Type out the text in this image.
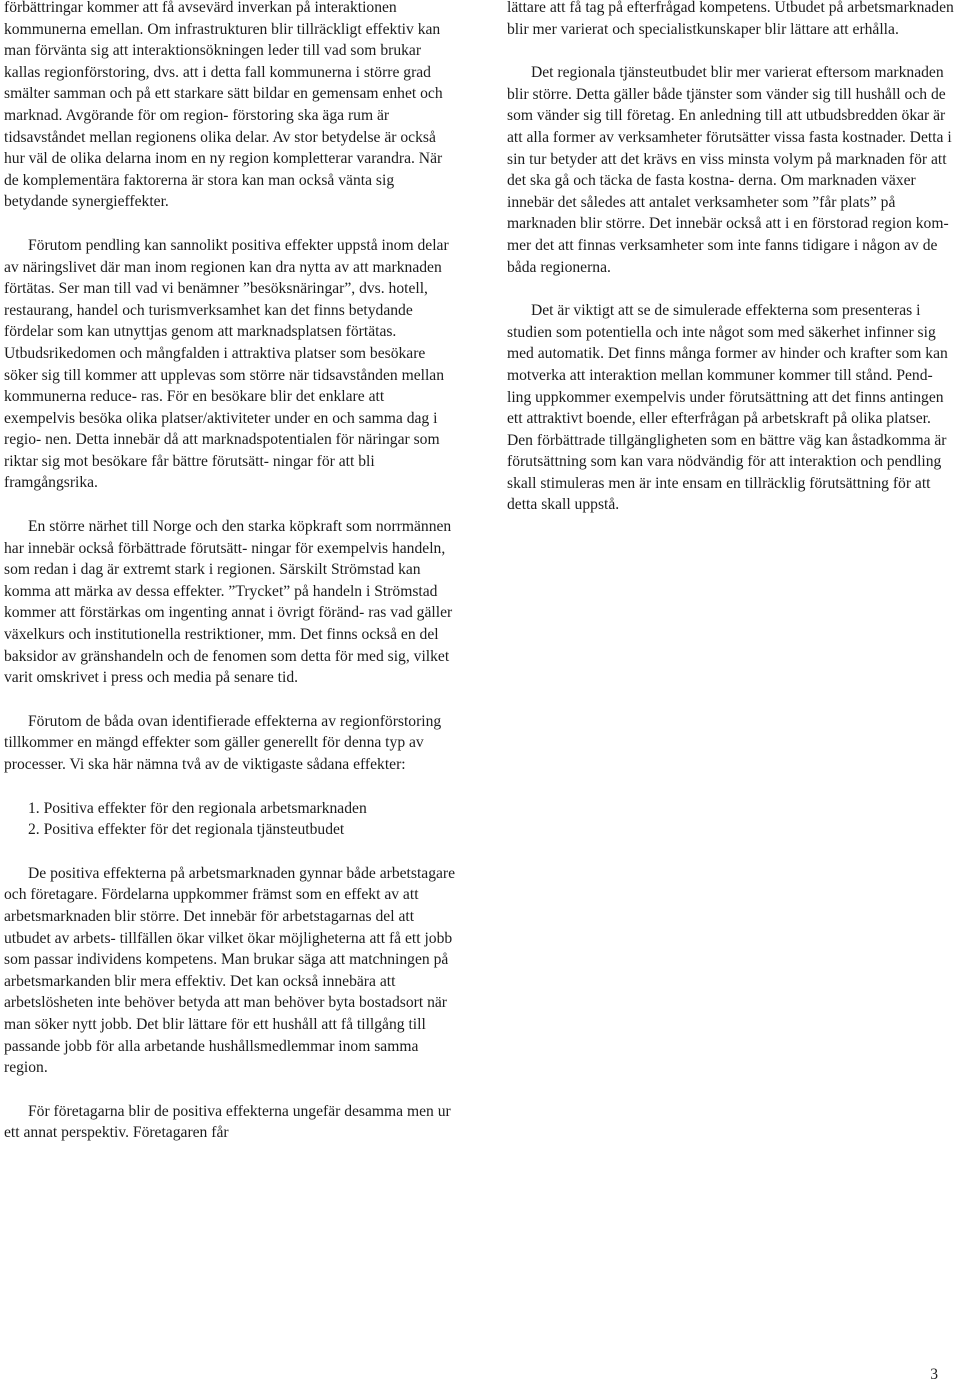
förbättringar kommer att få avsevärd inverkan på interaktionen kommunerna emellan. Om infrastrukturen blir tillräckligt effektiv kan man förvänta sig att interaktionsökningen leder till vad som brukar kallas regionförstoring, dvs. att i detta fall kommunerna i större grad smälter samman och på ett starkare sätt bildar en gemensam enhet och marknad. Avgörande för om region- förstoring ska äga rum är tidsavståndet mellan regionens olika delar. Av stor betydelse är också hur väl de olika delarna inom en ny region kompletterar varandra. När de komplementära faktorerna är stora kan man också vänta sig betydande synergieffekter.

Förutom pendling kan sannolikt positiva effekter uppstå inom delar av näringslivet där man inom regionen kan dra nytta av att marknaden förtätas. Ser man till vad vi benämner ”besöksnäringar”, dvs. hotell, restaurang, handel och turismverksamhet kan det finns betydande fördelar som kan utnyttjas genom att marknadsplatsen förtätas. Utbudsrikedomen och mångfalden i attraktiva platser som besökare söker sig till kommer att upplevas som större när tidsavstånden mellan kommunerna reduce- ras. För en besökare blir det enklare att exempelvis besöka olika platser/aktiviteter under en och samma dag i regio- nen. Detta innebär då att marknadspotentialen för näringar som riktar sig mot besökare får bättre förutsätt- ningar för att bli framgångsrika.

En större närhet till Norge och den starka köpkraft som norrmännen har innebär också förbättrade förutsätt- ningar för exempelvis handeln, som redan i dag är extremt stark i regionen. Särskilt Strömstad kan komma att märka av dessa effekter. ”Trycket” på handeln i Strömstad kommer att förstärkas om ingenting annat i övrigt föränd- ras vad gäller växelkurs och institutionella restriktioner, mm. Det finns också en del baksidor av gränshandeln och de fenomen som detta för med sig, vilket varit omskrivet i press och media på senare tid.

Förutom de båda ovan identifierade effekterna av regionförstoring tillkommer en mängd effekter som gäller generellt för denna typ av processer. Vi ska här nämna två av de viktigaste sådana effekter:

1. Positiva effekter för den regionala arbetsmarknaden
2. Positiva effekter för det regionala tjänsteutbudet

De positiva effekterna på arbetsmarknaden gynnar både arbetstagare och företagare. Fördelarna uppkommer främst som en effekt av att arbetsmarknaden blir större. Det innebär för arbetstagarnas del att utbudet av arbets- tillfällen ökar vilket ökar möjligheterna att få ett jobb som passar individens kompetens. Man brukar säga att matchningen på arbetsmarkanden blir mera effektiv. Det kan också innebära att arbetslösheten inte behöver betyda att man behöver byta bostadsort när man söker nytt jobb. Det blir lättare för ett hushåll att få tillgång till passande jobb för alla arbetande hushållsmedlemmar inom samma region.

För företagarna blir de positiva effekterna ungefär desamma men ur ett annat perspektiv. Företagaren får

lättare att få tag på efterfrågad kompetens. Utbudet på arbetsmarknaden blir mer varierat och specialistkunskaper blir lättare att erhålla.

Det regionala tjänsteutbudet blir mer varierat eftersom marknaden blir större. Detta gäller både tjänster som vänder sig till hushåll och de som vänder sig till företag. En anledning till att utbudsbredden ökar är att alla former av verksamheter förutsätter vissa fasta kostnader. Detta i sin tur betyder att det krävs en viss minsta volym på marknaden för att det ska gå och täcka de fasta kostna- derna. Om marknaden växer innebär det således att antalet verksamheter som ”får plats” på marknaden blir större. Det innebär också att i en förstorad region kom- mer det att finnas verksamheter som inte fanns tidigare i någon av de båda regionerna.

Det är viktigt att se de simulerade effekterna som presenteras i studien som potentiella och inte något som med säkerhet infinner sig med automatik. Det finns många former av hinder och krafter som kan motverka att interaktion mellan kommuner kommer till stånd. Pend- ling uppkommer exempelvis under förutsättning att det finns antingen ett attraktivt boende, eller efterfrågan på arbetskraft på olika platser. Den förbättrade tillgängligheten som en bättre väg kan åstadkomma är förutsättning som kan vara nödvändig för att interaktion och pendling skall stimuleras men är inte ensam en tillräcklig förutsättning för att detta skall uppstå.

3
